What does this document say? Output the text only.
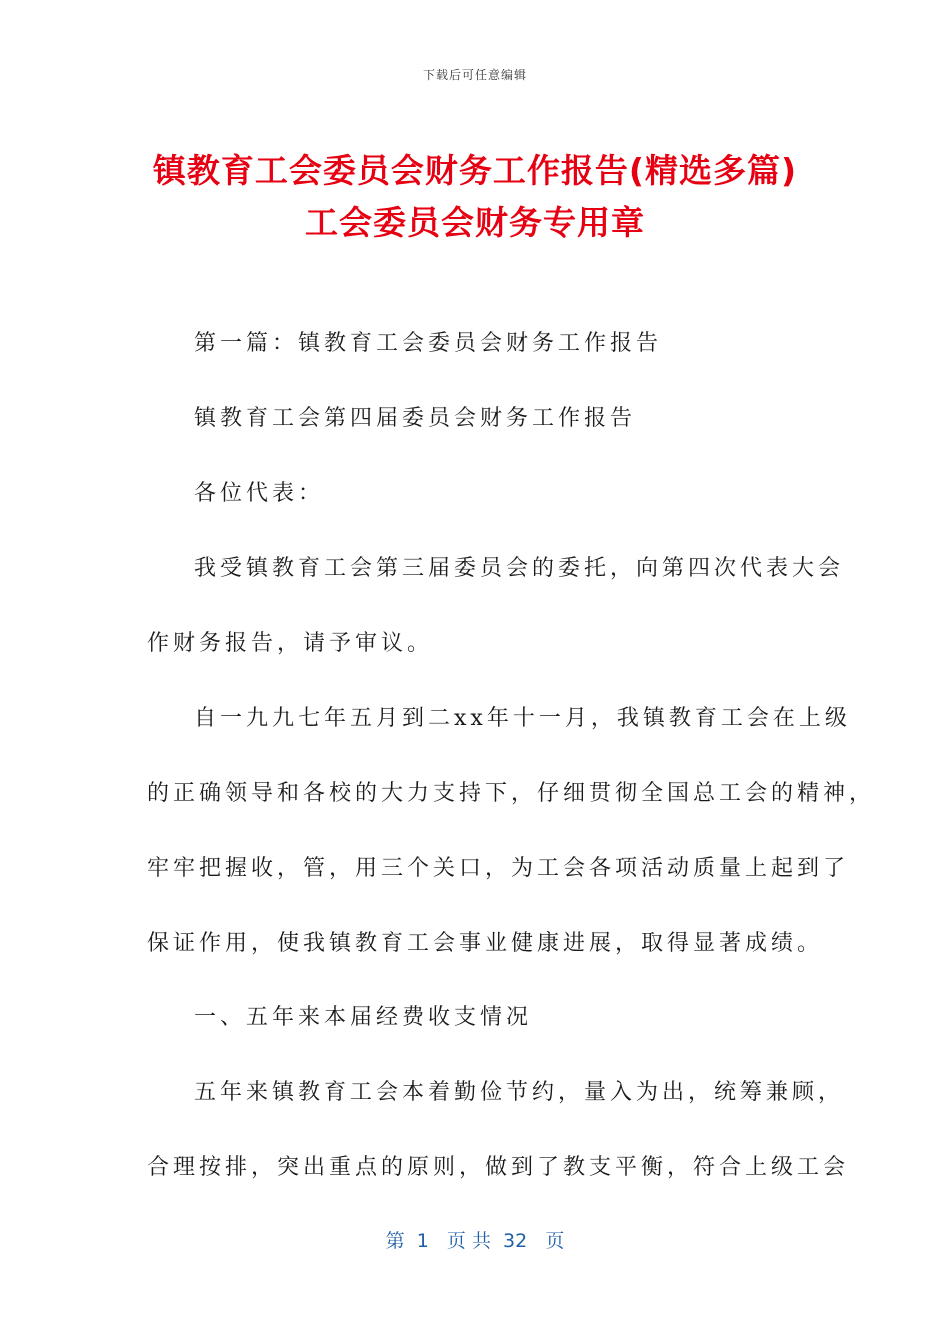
下载后可任意编辑
镇教育工会委员会财务工作报告(精选多篇)
工会委员会财务专用章
第一篇：镇教育工会委员会财务工作报告
镇教育工会第四届委员会财务工作报告
各位代表：
我受镇教育工会第三届委员会的委托，向第四次代表大会
作财务报告，请予审议。
自一九九七年五月到二xx年十一月，我镇教育工会在上级
的正确领导和各校的大力支持下，仔细贯彻全国总工会的精神，
牢牢把握收，管，用三个关口，为工会各项活动质量上起到了
保证作用，使我镇教育工会事业健康进展，取得显著成绩。
一、五年来本届经费收支情况
五年来镇教育工会本着勤俭节约，量入为出，统筹兼顾，
合理按排，突出重点的原则，做到了教支平衡，符合上级工会
第  1   页 共  32   页
